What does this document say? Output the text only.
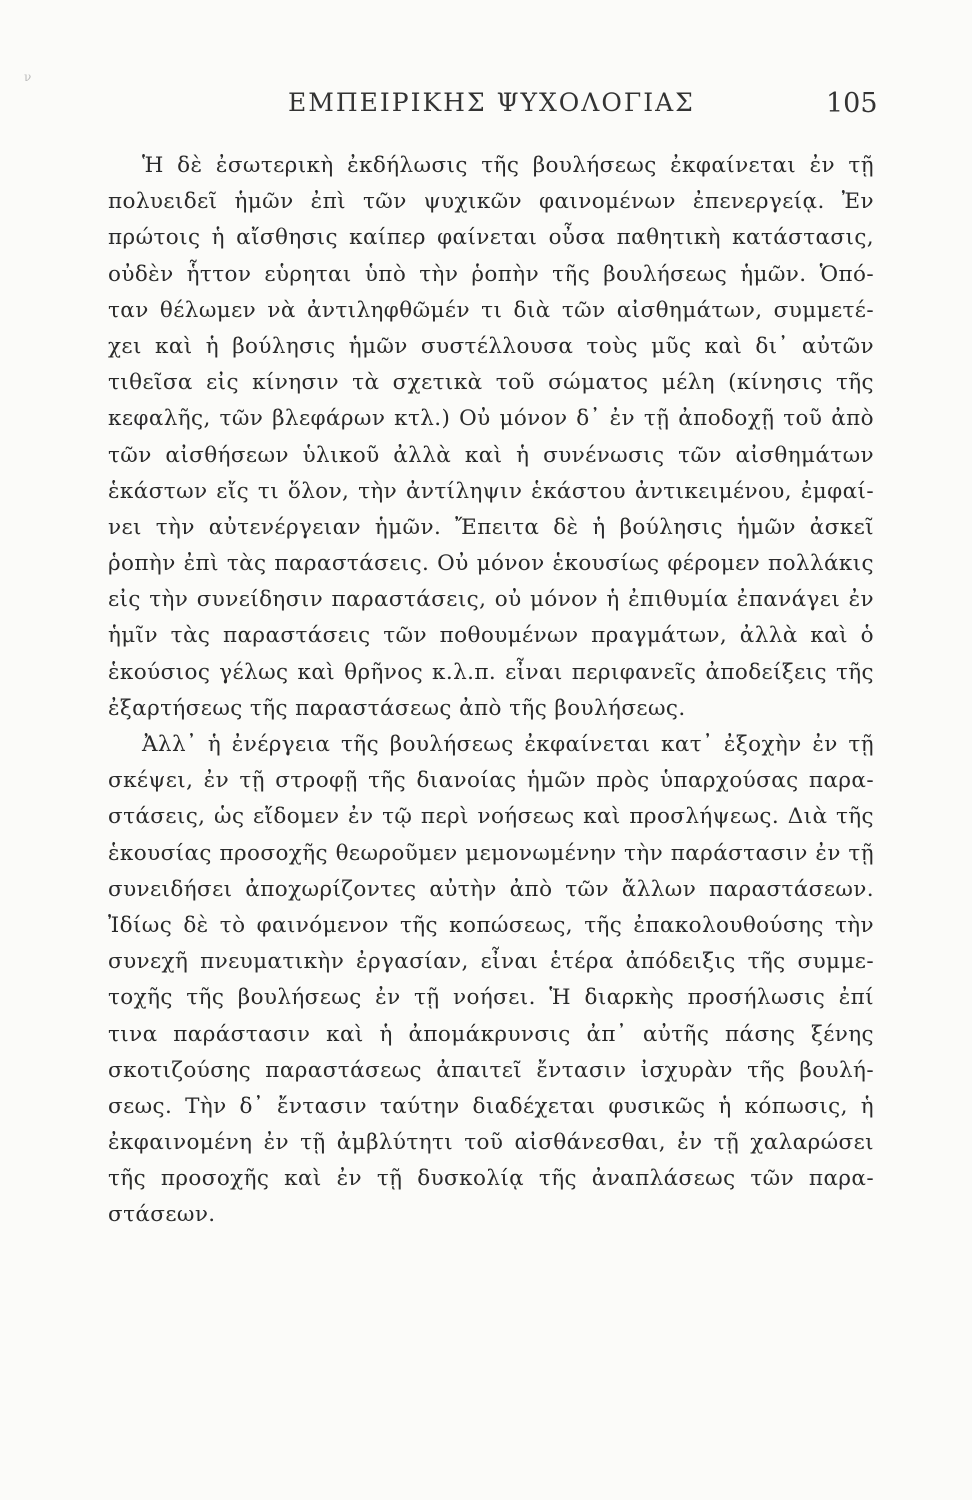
ν
ΕΜΠΕΙΡΙΚΗΣ ΨΥΧΟΛΟΓΙΑΣ	105
Ἡ δὲ ἐσωτερικὴ ἐκδήλωσις τῆς βουλήσεως ἐκφαίνεται ἐν τῇ
πολυειδεῖ ἡμῶν ἐπὶ τῶν ψυχικῶν φαινομένων ἐπενεργείᾳ. Ἐν
πρώτοις ἡ αἴσθησις καίπερ φαίνεται οὖσα παθητικὴ κατάστασις,
οὐδὲν ἧττον εὑρηται ὑπὸ τὴν ῥοπὴν τῆς βουλήσεως ἡμῶν. Ὁπό-
ταν θέλωμεν νὰ ἀντιληφθῶμέν τι διὰ τῶν αἰσθημάτων, συμμετέ-
χει καὶ ἡ βούλησις ἡμῶν συστέλλουσα τοὺς μῦς καὶ δι᾽ αὐτῶν
τιθεῖσα εἰς κίνησιν τὰ σχετικὰ τοῦ σώματος μέλη (κίνησις τῆς
κεφαλῆς, τῶν βλεφάρων κτλ.) Οὐ μόνον δ᾽ ἐν τῇ ἀποδοχῇ τοῦ ἀπὸ
τῶν αἰσθήσεων ὑλικοῦ ἀλλὰ καὶ ἡ συνένωσις τῶν αἰσθημάτων
ἑκάστων εἴς τι ὅλον, τὴν ἀντίληψιν ἑκάστου ἀντικειμένου, ἐμφαί-
νει τὴν αὐτενέργειαν ἡμῶν. Ἔπειτα δὲ ἡ βούλησις ἡμῶν ἀσκεῖ
ῥοπὴν ἐπὶ τὰς παραστάσεις. Οὐ μόνον ἑκουσίως φέρομεν πολλάκις
εἰς τὴν συνείδησιν παραστάσεις, οὐ μόνον ἡ ἐπιθυμία ἐπανάγει ἐν
ἡμῖν τὰς παραστάσεις τῶν ποθουμένων πραγμάτων, ἀλλὰ καὶ ὁ
ἑκούσιος γέλως καὶ θρῆνος κ.λ.π. εἶναι περιφανεῖς ἀποδείξεις τῆς
ἐξαρτήσεως τῆς παραστάσεως ἀπὸ τῆς βουλήσεως.
Ἀλλ᾽ ἡ ἐνέργεια τῆς βουλήσεως ἐκφαίνεται κατ᾽ ἐξοχὴν ἐν τῇ
σκέψει, ἐν τῇ στροφῇ τῆς διανοίας ἡμῶν πρὸς ὑπαρχούσας παρα-
στάσεις, ὡς εἴδομεν ἐν τῷ περὶ νοήσεως καὶ προσλήψεως. Διὰ τῆς
ἑκουσίας προσοχῆς θεωροῦμεν μεμονωμένην τὴν παράστασιν ἐν τῇ
συνειδήσει ἀποχωρίζοντες αὐτὴν ἀπὸ τῶν ἄλλων παραστάσεων.
Ἰδίως δὲ τὸ φαινόμενον τῆς κοπώσεως, τῆς ἐπακολουθούσης τὴν
συνεχῆ πνευματικὴν ἐργασίαν, εἶναι ἑτέρα ἀπόδειξις τῆς συμμε-
τοχῆς τῆς βουλήσεως ἐν τῇ νοήσει. Ἡ διαρκὴς προσήλωσις ἐπί
τινα παράστασιν καὶ ἡ ἀπομάκρυνσις ἀπ᾽ αὐτῆς πάσης ξένης
σκοτιζούσης παραστάσεως ἀπαιτεῖ ἔντασιν ἰσχυρὰν τῆς βουλή-
σεως. Τὴν δ᾽ ἔντασιν ταύτην διαδέχεται φυσικῶς ἡ κόπωσις, ἡ
ἐκφαινομένη ἐν τῇ ἀμβλύτητι τοῦ αἰσθάνεσθαι, ἐν τῇ χαλαρώσει
τῆς προσοχῆς καὶ ἐν τῇ δυσκολίᾳ τῆς ἀναπλάσεως τῶν παρα-
στάσεων.
